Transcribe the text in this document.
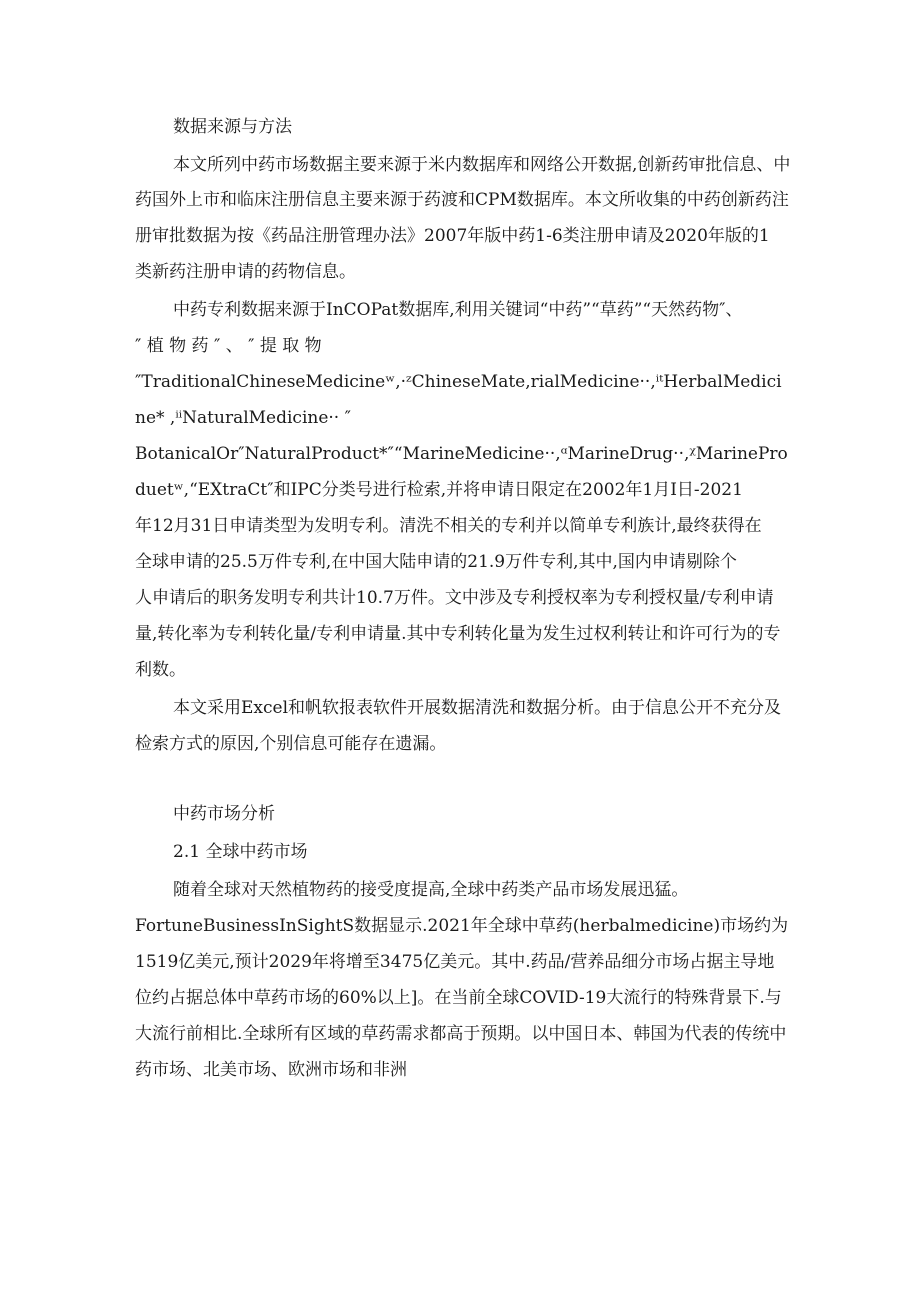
数据来源与方法
本文所列中药市场数据主要来源于米内数据库和网络公开数据,创新药审批信息、中
药国外上市和临床注册信息主要来源于药渡和CPM数据库。本文所收集的中药创新药注
册审批数据为按《药品注册管理办法》2007年版中药1-6类注册申请及2020年版的1
类新药注册申请的药物信息。
中药专利数据来源于InCOPat数据库,利用关键词“中药”“草药”“天然药物″、
″ 植 物 药 ″ 、 ″ 提 取 物
″TraditionalChineseMedicineʷ,·ᶻChineseMate,rialMedicine··,ⁱᵗHerbalMedici
ne* ,ⁱⁱNaturalMedicine·· ″
BotanicalOr″NaturalProduct*″“MarineMedicine··,ᵅMarineDrug··,ᵡMarinePro
duetʷ,“EXtraCt″和IPC分类号进行检索,并将申请日限定在2002年1月I日-2021
年12月31日申请类型为发明专利。清洗不相关的专利并以简单专利族计,最终获得在
全球申请的25.5万件专利,在中国大陆申请的21.9万件专利,其中,国内申请剔除个
人申请后的职务发明专利共计10.7万件。文中涉及专利授权率为专利授权量/专利申请
量,转化率为专利转化量/专利申请量.其中专利转化量为发生过权利转让和许可行为的专
利数。
本文采用Excel和帆软报表软件开展数据清洗和数据分析。由于信息公开不充分及
检索方式的原因,个别信息可能存在遗漏。
中药市场分析
2.1 全球中药市场
随着全球对天然植物药的接受度提高,全球中药类产品市场发展迅猛。
FortuneBusinessInSightS数据显示.2021年全球中草药(herbalmedicine)市场约为
1519亿美元,预计2029年将增至3475亿美元。其中.药品/营养品细分市场占据主导地
位约占据总体中草药市场的60%以上]。在当前全球COVID-19大流行的特殊背景下.与
大流行前相比.全球所有区域的草药需求都高于预期。以中国日本、韩国为代表的传统中
药市场、北美市场、欧洲市场和非洲
